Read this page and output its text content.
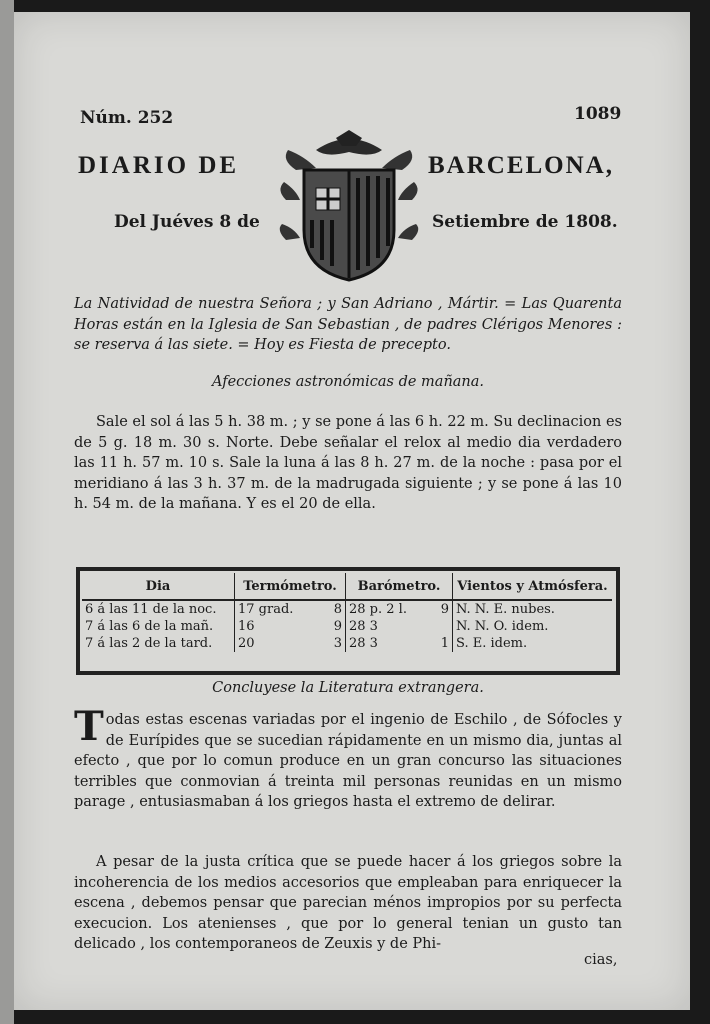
Núm. 252	1089
DIARIO DE	BARCELONA,
Del Juéves 8 de	Setiembre de 1808.
La Natividad de nuestra Señora ; y San Adriano , Mártir. = Las Quarenta Horas están en la Iglesia de San Sebastian , de padres Clérigos Menores : se reserva á las siete. = Hoy es Fiesta de precepto.
Afecciones astronómicas de mañana.
Sale el sol á las 5 h. 38 m. ; y se pone á las 6 h. 22 m. Su declinacion es de 5 g. 18 m. 30 s. Norte. Debe señalar el relox al medio dia verdadero las 11 h. 57 m. 10 s. Sale la luna á las 8 h. 27 m. de la noche : pasa por el meridiano á las 3 h. 37 m. de la madrugada siguiente ; y se pone á las 10 h. 54 m. de la mañana. Y es el 20 de ella.
Dia	Termómetro.	Barómetro.	Vientos y Atmósfera.
6 á las 11 de la noc.	17 grad. 8	28 p. 2 l. 9	N. N. E. nubes.
7 á las 6 de la mañ.	16 9	28 3	N. N. O. idem.
7 á las 2 de la tard.	20 3	28 3 1	S. E. idem.
Concluyese la Literatura extrangera.
Todas estas escenas variadas por el ingenio de Eschilo , de Sófocles y de Eurípides que se sucedian rápidamente en un mismo dia, juntas al efecto , que por lo comun produce en un gran concurso las situaciones terribles que conmovian á treinta mil personas reunidas en un mismo parage , entusiasmaban á los griegos hasta el extremo de delirar.
A pesar de la justa crítica que se puede hacer á los griegos sobre la incoherencia de los medios accesorios que empleaban para enriquecer la escena , debemos pensar que parecian ménos impropios por su perfecta execucion. Los atenienses , que por lo general tenian un gusto tan delicado , los contemporaneos de Zeuxis y de Phi-
cias,
